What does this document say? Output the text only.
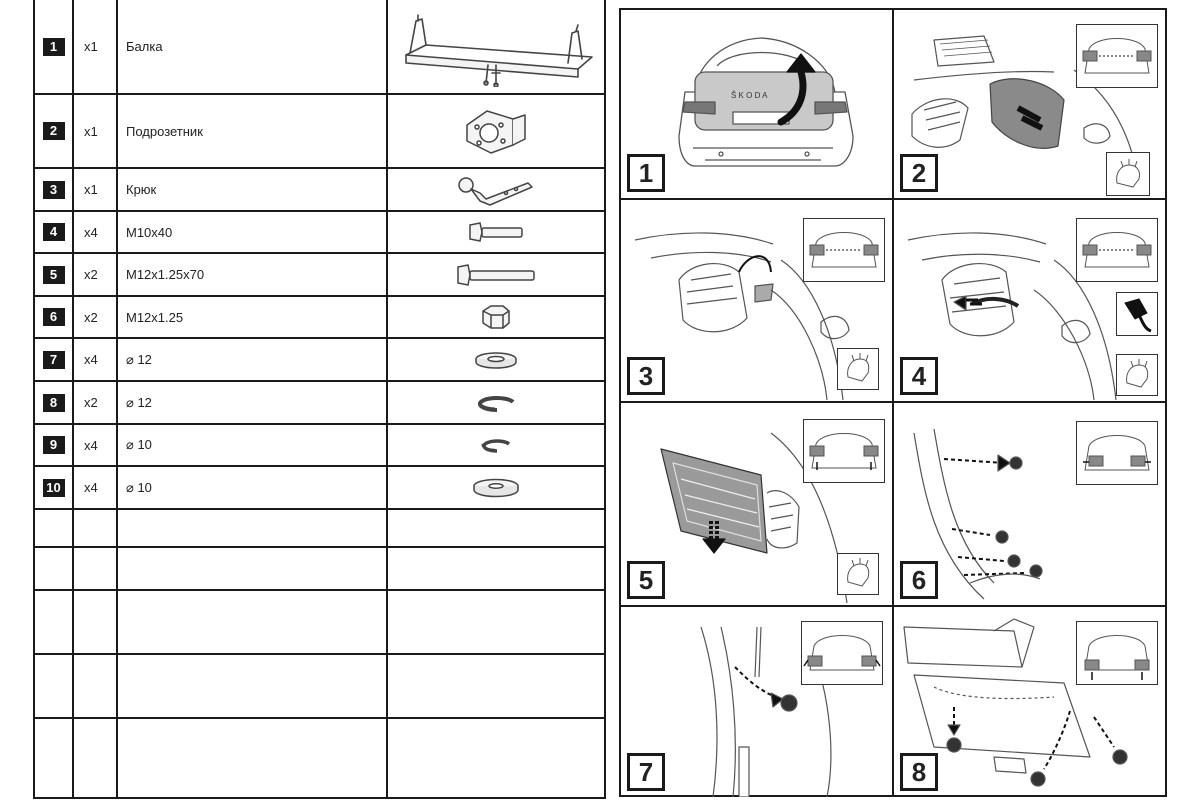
1	x1	Балка	

2	x1	Подрозетник	

3	x1	Крюк	

4	x4	M10x40	

5	x2	M12x1.25x70	

6	x2	M12x1.25	

7	x4	⌀ 12	

8	x2	⌀ 12	

9	x4	⌀ 10	

10	x4	⌀ 10	

Š K O D A
1	2
3	4
5	6
7	8
